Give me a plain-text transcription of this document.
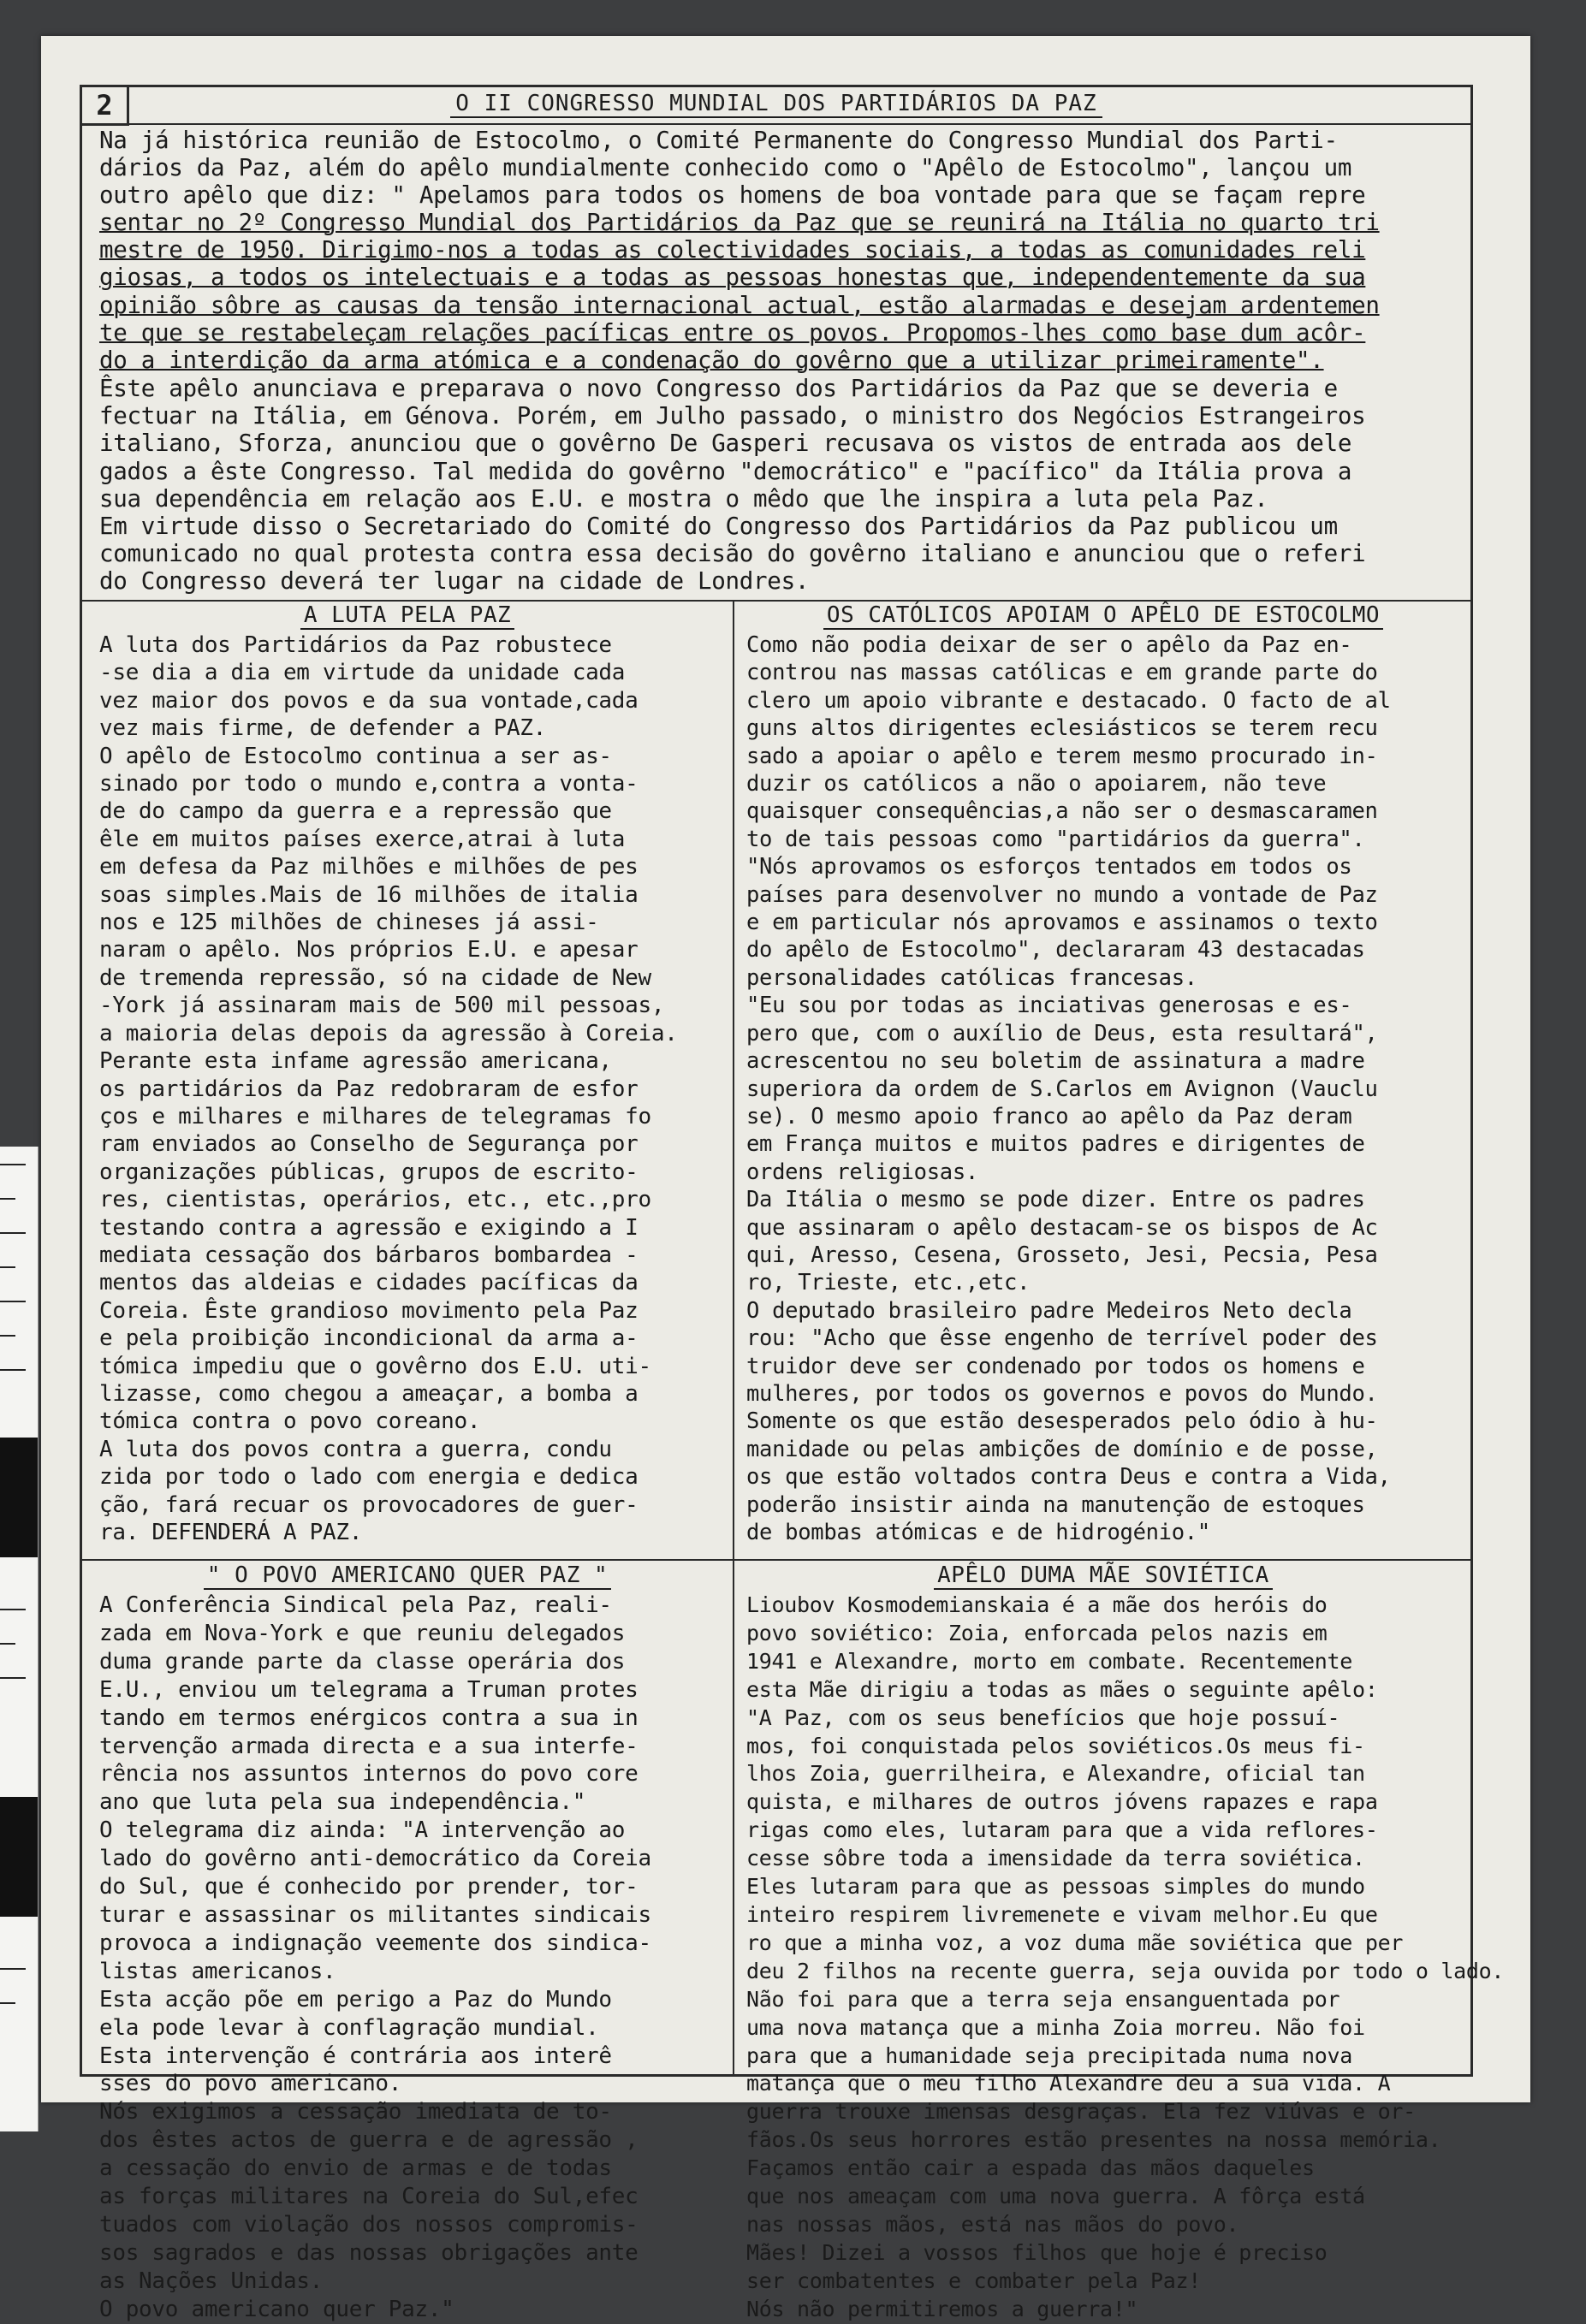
2	O II CONGRESSO MUNDIAL DOS PARTIDÁRIOS DA PAZ
Na já histórica reunião de Estocolmo, o Comité Permanente do Congresso Mundial dos Parti-
dários da Paz, além do apêlo mundialmente conhecido como o "Apêlo de Estocolmo", lançou um
outro apêlo que diz: " Apelamos para todos os homens de boa vontade para que se façam repre
sentar no 2º Congresso Mundial dos Partidários da Paz que se reunirá na Itália no quarto tri
mestre de 1950. Dirigimo-nos a todas as colectividades sociais, a todas as comunidades reli
giosas, a todos os intelectuais e a todas as pessoas honestas que, independentemente da sua
opinião sôbre as causas da tensão internacional actual, estão alarmadas e desejam ardentemen
te que se restabeleçam relações pacíficas entre os povos. Propomos-lhes como base dum acôr-
do a interdição da arma atómica e a condenação do govêrno que a utilizar primeiramente".
Êste apêlo anunciava e preparava o novo Congresso dos Partidários da Paz que se deveria e
fectuar na Itália, em Génova. Porém, em Julho passado, o ministro dos Negócios Estrangeiros
italiano, Sforza, anunciou que o govêrno De Gasperi recusava os vistos de entrada aos dele
gados a êste Congresso. Tal medida do govêrno "democrático" e "pacífico" da Itália prova a
sua dependência em relação aos E.U. e mostra o mêdo que lhe inspira a luta pela Paz.
Em virtude disso o Secretariado do Comité do Congresso dos Partidários da Paz publicou um
comunicado no qual protesta contra essa decisão do govêrno italiano e anunciou que o referi
do Congresso deverá ter lugar na cidade de Londres.
A LUTA PELA PAZ
A luta dos Partidários da Paz robustece
-se dia a dia em virtude da unidade cada
vez maior dos povos e da sua vontade,cada
vez mais firme, de defender a PAZ.
O apêlo de Estocolmo continua a ser as-
sinado por todo o mundo e,contra a vonta-
de do campo da guerra e a repressão que
êle em muitos países exerce,atrai à luta
em defesa da Paz milhões e milhões de pes
soas simples.Mais de 16 milhões de italia
nos e 125 milhões de chineses já assi-
naram o apêlo. Nos próprios E.U. e apesar
de tremenda repressão, só na cidade de New
-York já assinaram mais de 500 mil pessoas,
a maioria delas depois da agressão à Coreia.
Perante esta infame agressão americana,
os partidários da Paz redobraram de esfor
ços e milhares e milhares de telegramas fo
ram enviados ao Conselho de Segurança por
organizações públicas, grupos de escrito-
res, cientistas, operários, etc., etc.,pro
testando contra a agressão e exigindo a I
mediata cessação dos bárbaros bombardea -
mentos das aldeias e cidades pacíficas da
Coreia. Êste grandioso movimento pela Paz
e pela proibição incondicional da arma a-
tómica impediu que o govêrno dos E.U. uti-
lizasse, como chegou a ameaçar, a bomba a
tómica contra o povo coreano.
A luta dos povos contra a guerra, condu
zida por todo o lado com energia e dedica
ção, fará recuar os provocadores de guer-
ra. DEFENDERÁ A PAZ.
OS CATÓLICOS APOIAM O APÊLO DE ESTOCOLMO
Como não podia deixar de ser o apêlo da Paz en-
controu nas massas católicas e em grande parte do
clero um apoio vibrante e destacado. O facto de al
guns altos dirigentes eclesiásticos se terem recu
sado a apoiar o apêlo e terem mesmo procurado in-
duzir os católicos a não o apoiarem, não teve
quaisquer consequências,a não ser o desmascaramen
to de tais pessoas como "partidários da guerra".
"Nós aprovamos os esforços tentados em todos os
países para desenvolver no mundo a vontade de Paz
e em particular nós aprovamos e assinamos o texto
do apêlo de Estocolmo", declararam 43 destacadas
personalidades católicas francesas.
"Eu sou por todas as inciativas generosas e es-
pero que, com o auxílio de Deus, esta resultará",
acrescentou no seu boletim de assinatura a madre
superiora da ordem de S.Carlos em Avignon (Vauclu
se). O mesmo apoio franco ao apêlo da Paz deram
em França muitos e muitos padres e dirigentes de
ordens religiosas.
Da Itália o mesmo se pode dizer. Entre os padres
que assinaram o apêlo destacam-se os bispos de Ac
qui, Aresso, Cesena, Grosseto, Jesi, Pecsia, Pesa
ro, Trieste, etc.,etc.
O deputado brasileiro padre Medeiros Neto decla
rou: "Acho que êsse engenho de terrível poder des
truidor deve ser condenado por todos os homens e
mulheres, por todos os governos e povos do Mundo.
Somente os que estão desesperados pelo ódio à hu-
manidade ou pelas ambições de domínio e de posse,
os que estão voltados contra Deus e contra a Vida,
poderão insistir ainda na manutenção de estoques
de bombas atómicas e de hidrogénio."
" O POVO AMERICANO QUER PAZ "
A Conferência Sindical pela Paz, reali-
zada em Nova-York e que reuniu delegados
duma grande parte da classe operária dos
E.U., enviou um telegrama a Truman protes
tando em termos enérgicos contra a sua in
tervenção armada directa e a sua interfe-
rência nos assuntos internos do povo core
ano que luta pela sua independência."
O telegrama diz ainda: "A intervenção ao
lado do govêrno anti-democrático da Coreia
do Sul, que é conhecido por prender, tor-
turar e assassinar os militantes sindicais
provoca a indignação veemente dos sindica-
listas americanos.
Esta acção põe em perigo a Paz do Mundo
ela pode levar à conflagração mundial.
Esta intervenção é contrária aos interê
sses do povo americano.
Nós exigimos a cessação imediata de to-
dos êstes actos de guerra e de agressão ,
a cessação do envio de armas e de todas
as forças militares na Coreia do Sul,efec
tuados com violação dos nossos compromis-
sos sagrados e das nossas obrigações ante
as Nações Unidas.
O povo americano quer Paz."
APÊLO DUMA MÃE SOVIÉTICA
Lioubov Kosmodemianskaia é a mãe dos heróis do
povo soviético: Zoia, enforcada pelos nazis em
1941 e Alexandre, morto em combate. Recentemente
esta Mãe dirigiu a todas as mães o seguinte apêlo:
"A Paz, com os seus benefícios que hoje possuí-
mos, foi conquistada pelos soviéticos.Os meus fi-
lhos Zoia, guerrilheira, e Alexandre, oficial tan
quista, e milhares de outros jóvens rapazes e rapa
rigas como eles, lutaram para que a vida reflores-
cesse sôbre toda a imensidade da terra soviética.
Eles lutaram para que as pessoas simples do mundo
inteiro respirem livremenete e vivam melhor.Eu que
ro que a minha voz, a voz duma mãe soviética que per
deu 2 filhos na recente guerra, seja ouvida por todo o lado.
Não foi para que a terra seja ensanguentada por
uma nova matança que a minha Zoia morreu. Não foi
para que a humanidade seja precipitada numa nova
matança que o meu filho Alexandre deu a sua vida. A
guerra trouxe imensas desgraças. Ela fez viúvas e or-
fãos.Os seus horrores estão presentes na nossa memória.
Façamos então cair a espada das mãos daqueles
que nos ameaçam com uma nova guerra. A fôrça está
nas nossas mãos, está nas mãos do povo.
Mães! Dizei a vossos filhos que hoje é preciso
ser combatentes e combater pela Paz!
Nós não permitiremos a guerra!"
